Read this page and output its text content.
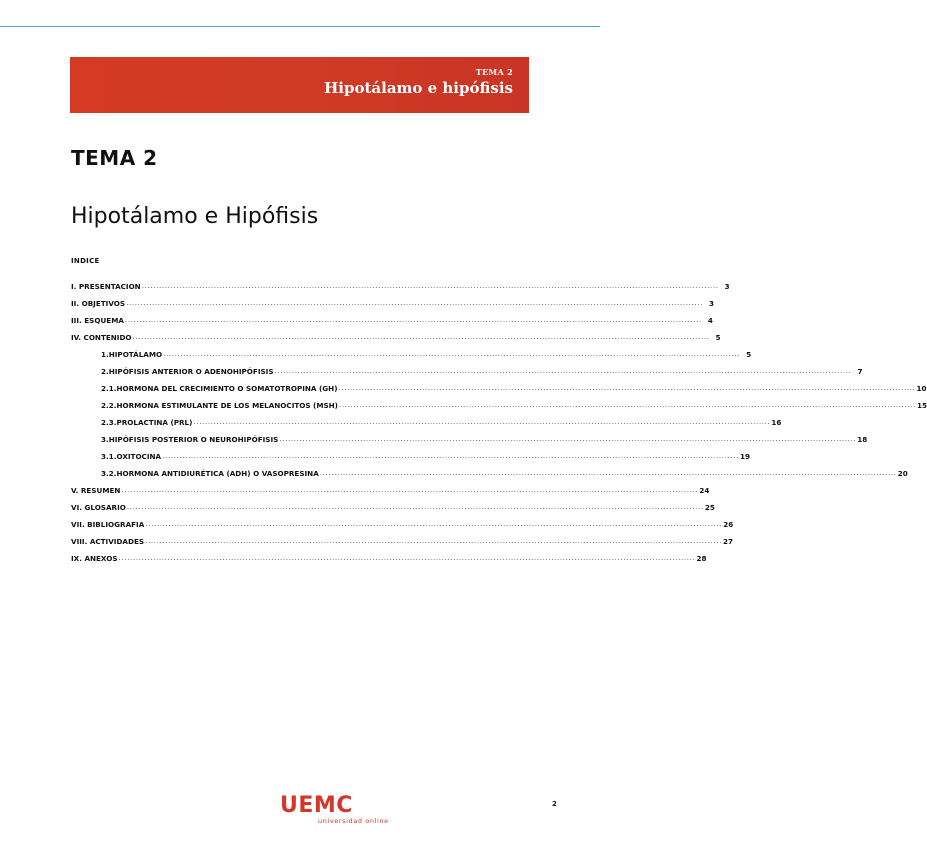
TEMA 2
Hipotálamo e hipófisis
TEMA 2
Hipotálamo e Hipófisis
INDICE
I. PRESENTACION ........................................................................................................................................................................................................ 3
II. OBJETIVOS ........................................................................................................................................................................................................ 3
III. ESQUEMA ........................................................................................................................................................................................................ 4
IV. CONTENIDO ........................................................................................................................................................................................................ 5
1. HIPOTÁLAMO ........................................................................................................................................................................................................ 5
2. HIPÓFISIS ANTERIOR O ADENOHIPÓFISIS ........................................................................................................................................................................................................ 7
2.1. HORMONA DEL CRECIMIENTO O SOMATOTROPINA (GH) ........................................................................................................................................................................................................ 10
2.2. HORMONA ESTIMULANTE DE LOS MELANOCITOS (MSH) ........................................................................................................................................................................................................ 15
2.3. PROLACTINA (PRL) ........................................................................................................................................................................................................ 16
3. HIPÓFISIS POSTERIOR O NEUROHIPÓFISIS ........................................................................................................................................................................................................ 18
3.1. OXITOCINA ........................................................................................................................................................................................................ 19
3.2. HORMONA ANTIDIURÉTICA (ADH) O VASOPRESINA ........................................................................................................................................................................................................ 20
V. RESUMEN ........................................................................................................................................................................................................ 24
VI. GLOSARIO ........................................................................................................................................................................................................ 25
VII. BIBLIOGRAFIA ........................................................................................................................................................................................................ 26
VIII. ACTIVIDADES ........................................................................................................................................................................................................ 27
IX. ANEXOS ........................................................................................................................................................................................................ 28
UEMC
universidad online
2
